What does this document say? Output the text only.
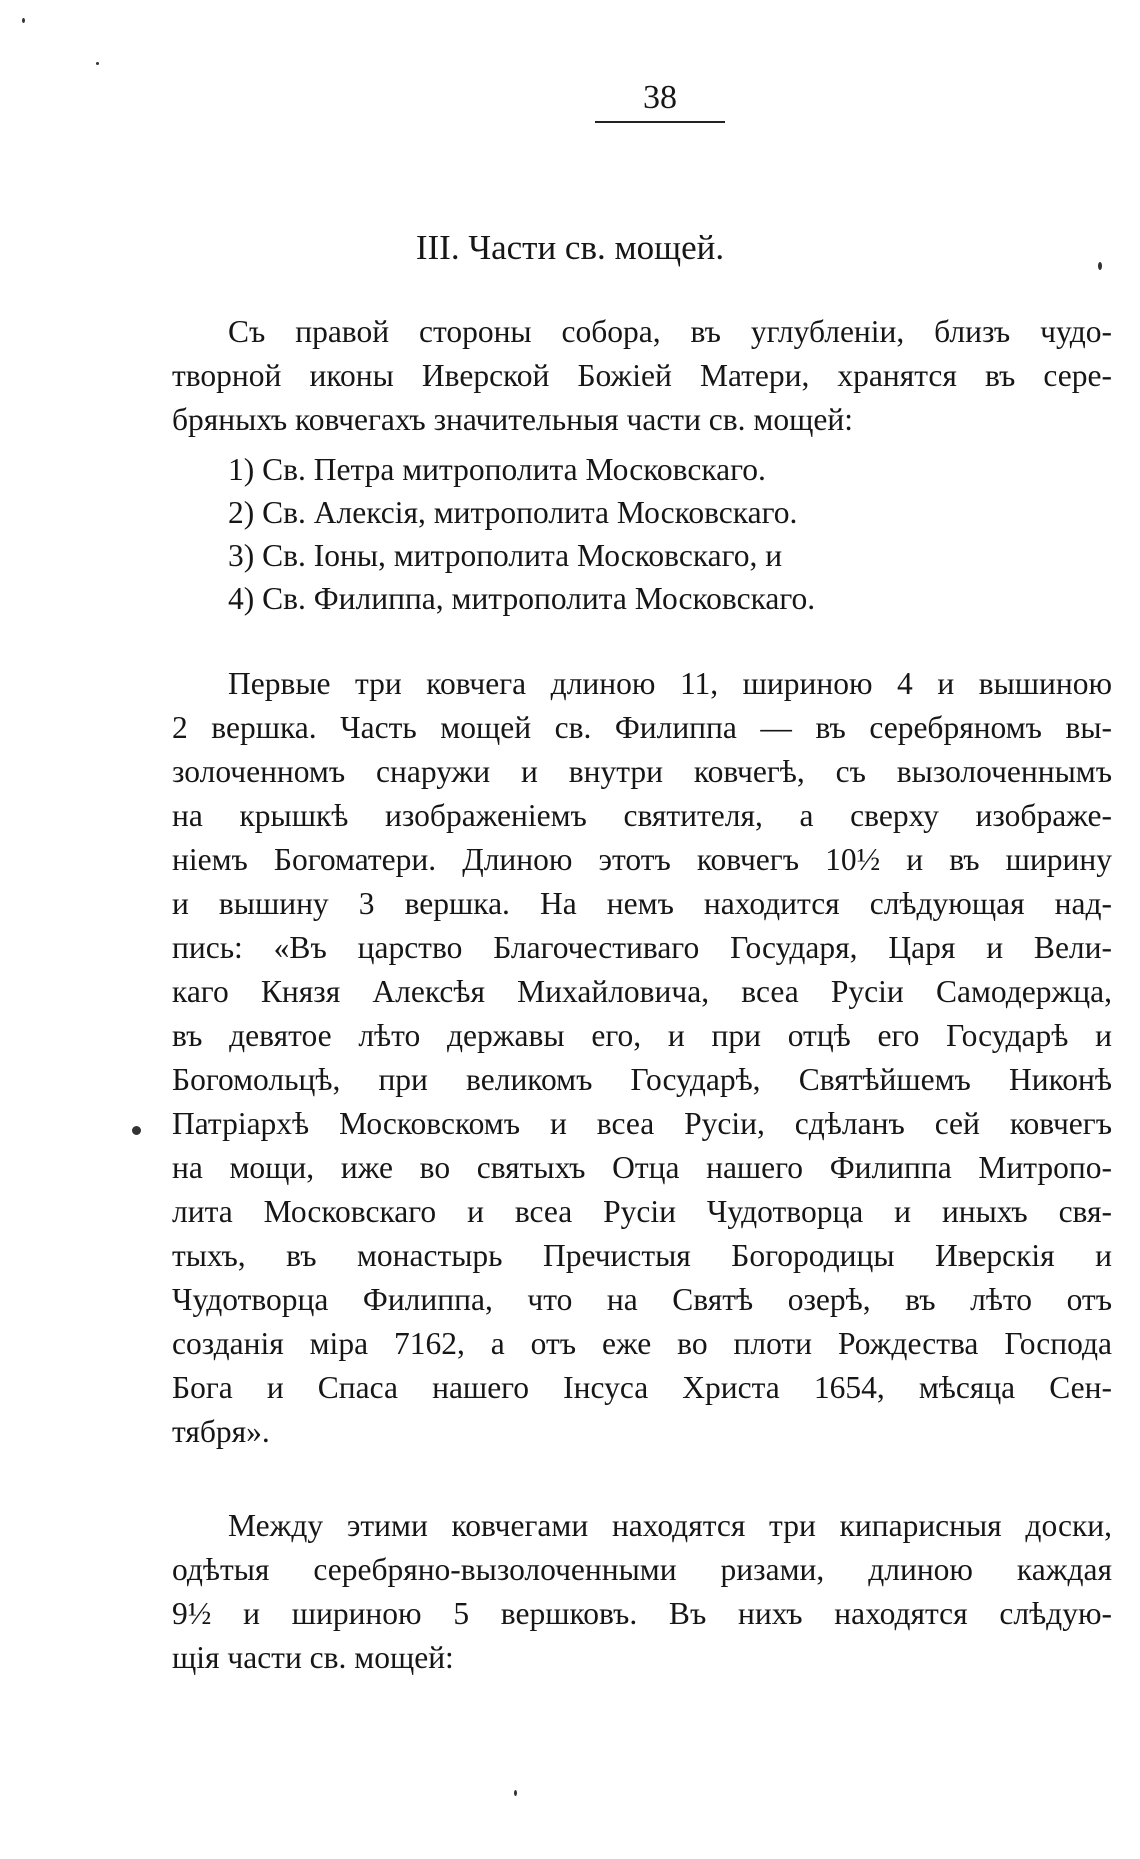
38
III. Части св. мощей.

Съ правой стороны собора, въ углубленіи, близъ чудо-
творной иконы Иверской Божіей Матери, хранятся въ сере-
бряныхъ ковчегахъ значительныя части св. мощей:

1) Св. Петра митрополита Московскаго.
2) Св. Алексія, митрополита Московскаго.
3) Св. Іоны, митрополита Московскаго, и
4) Св. Филиппа, митрополита Московскаго.

Первые три ковчега длиною 11, шириною 4 и вышиною
2 вершка. Часть мощей св. Филиппа — въ серебряномъ вы-
золоченномъ снаружи и внутри ковчегѣ, съ вызолоченнымъ
на крышкѣ изображеніемъ святителя, а сверху изображе-
ніемъ Богоматери. Длиною этотъ ковчегъ 10½ и въ ширину
и вышину 3 вершка. На немъ находится слѣдующая над-
пись: «Въ царство Благочестиваго Государя, Царя и Вели-
каго Князя Алексѣя Михайловича, всеа Русіи Самодержца,
въ девятое лѣто державы его, и при отцѣ его Государѣ и
Богомольцѣ, при великомъ Государѣ, Святѣйшемъ Никонѣ
Патріархѣ Московскомъ и всеа Русіи, сдѣланъ сей ковчегъ
на мощи, иже во святыхъ Отца нашего Филиппа Митропо-
лита Московскаго и всеа Русіи Чудотворца и иныхъ свя-
тыхъ, въ монастырь Пречистыя Богородицы Иверскія и
Чудотворца Филиппа, что на Святѣ озерѣ, въ лѣто отъ
созданія міра 7162, а отъ еже во плоти Рождества Господа
Бога и Спаса нашего Інсуса Христа 1654, мѣсяца Сен-
тября».

Между этими ковчегами находятся три кипарисныя доски,
одѣтыя серебряно-вызолоченными ризами, длиною каждая
9½ и шириною 5 вершковъ. Въ нихъ находятся слѣдую-
щія части св. мощей:
